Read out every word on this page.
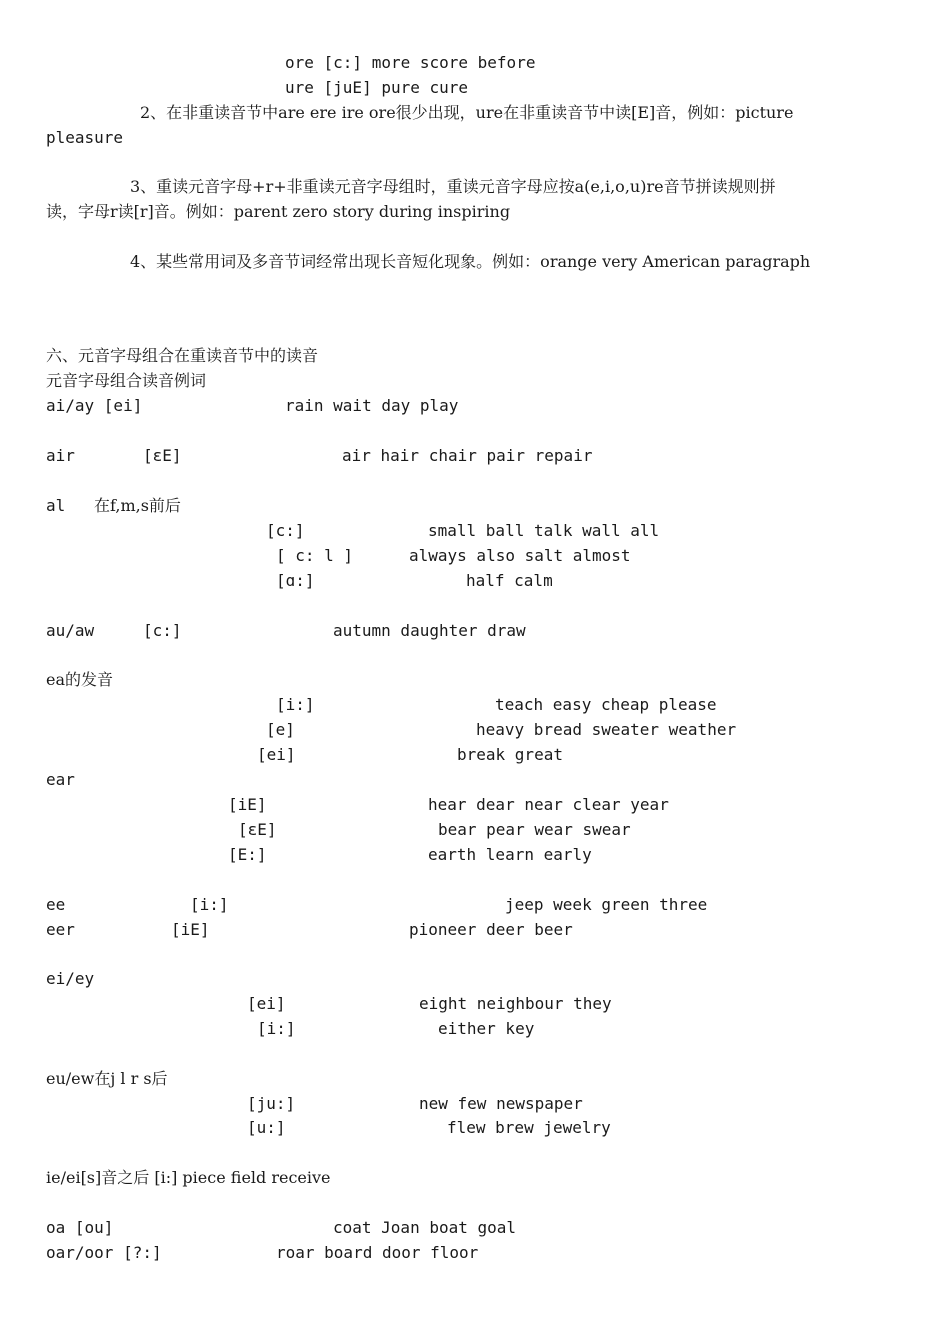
ore [c:] more score before
ure [juE] pure cure
2、在非重读音节中are ere ire ore很少出现，ure在非重读音节中读[E]音，例如：picture
pleasure
3、重读元音字母+r+非重读元音字母组时，重读元音字母应按a(e,i,o,u)re音节拼读规则拼
读，字母r读[r]音。例如：parent zero story during inspiring
4、某些常用词及多音节词经常出现长音短化现象。例如：orange very American paragraph
六、元音字母组合在重读音节中的读音
元音字母组合读音例词
ai/ay [ei]	rain wait day play
air	[εE]	air hair chair pair repair
al 在f,m,s前后
[c:]	small ball talk wall all
[ c: l ]	always also salt almost
[ɑ:]	half calm
au/aw	[c:]	autumn daughter draw
ea的发音
[i:]	teach easy cheap please
[e]	heavy bread sweater weather
[ei]	break great
ear
[iE]	hear dear near clear year
[εE]	bear pear wear swear
[E:]	earth learn early
ee	[i:]	jeep week green three
eer	[iE]	pioneer deer beer
ei/ey
[ei]	eight neighbour they
[i:]	either key
eu/ew在j l r s后
[ju:]	new few newspaper
[u:]	flew brew jewelry
ie/ei[s]音之后 [i:] piece field receive
oa [ou]	coat Joan boat goal
oar/oor [?:]	roar board door floor
